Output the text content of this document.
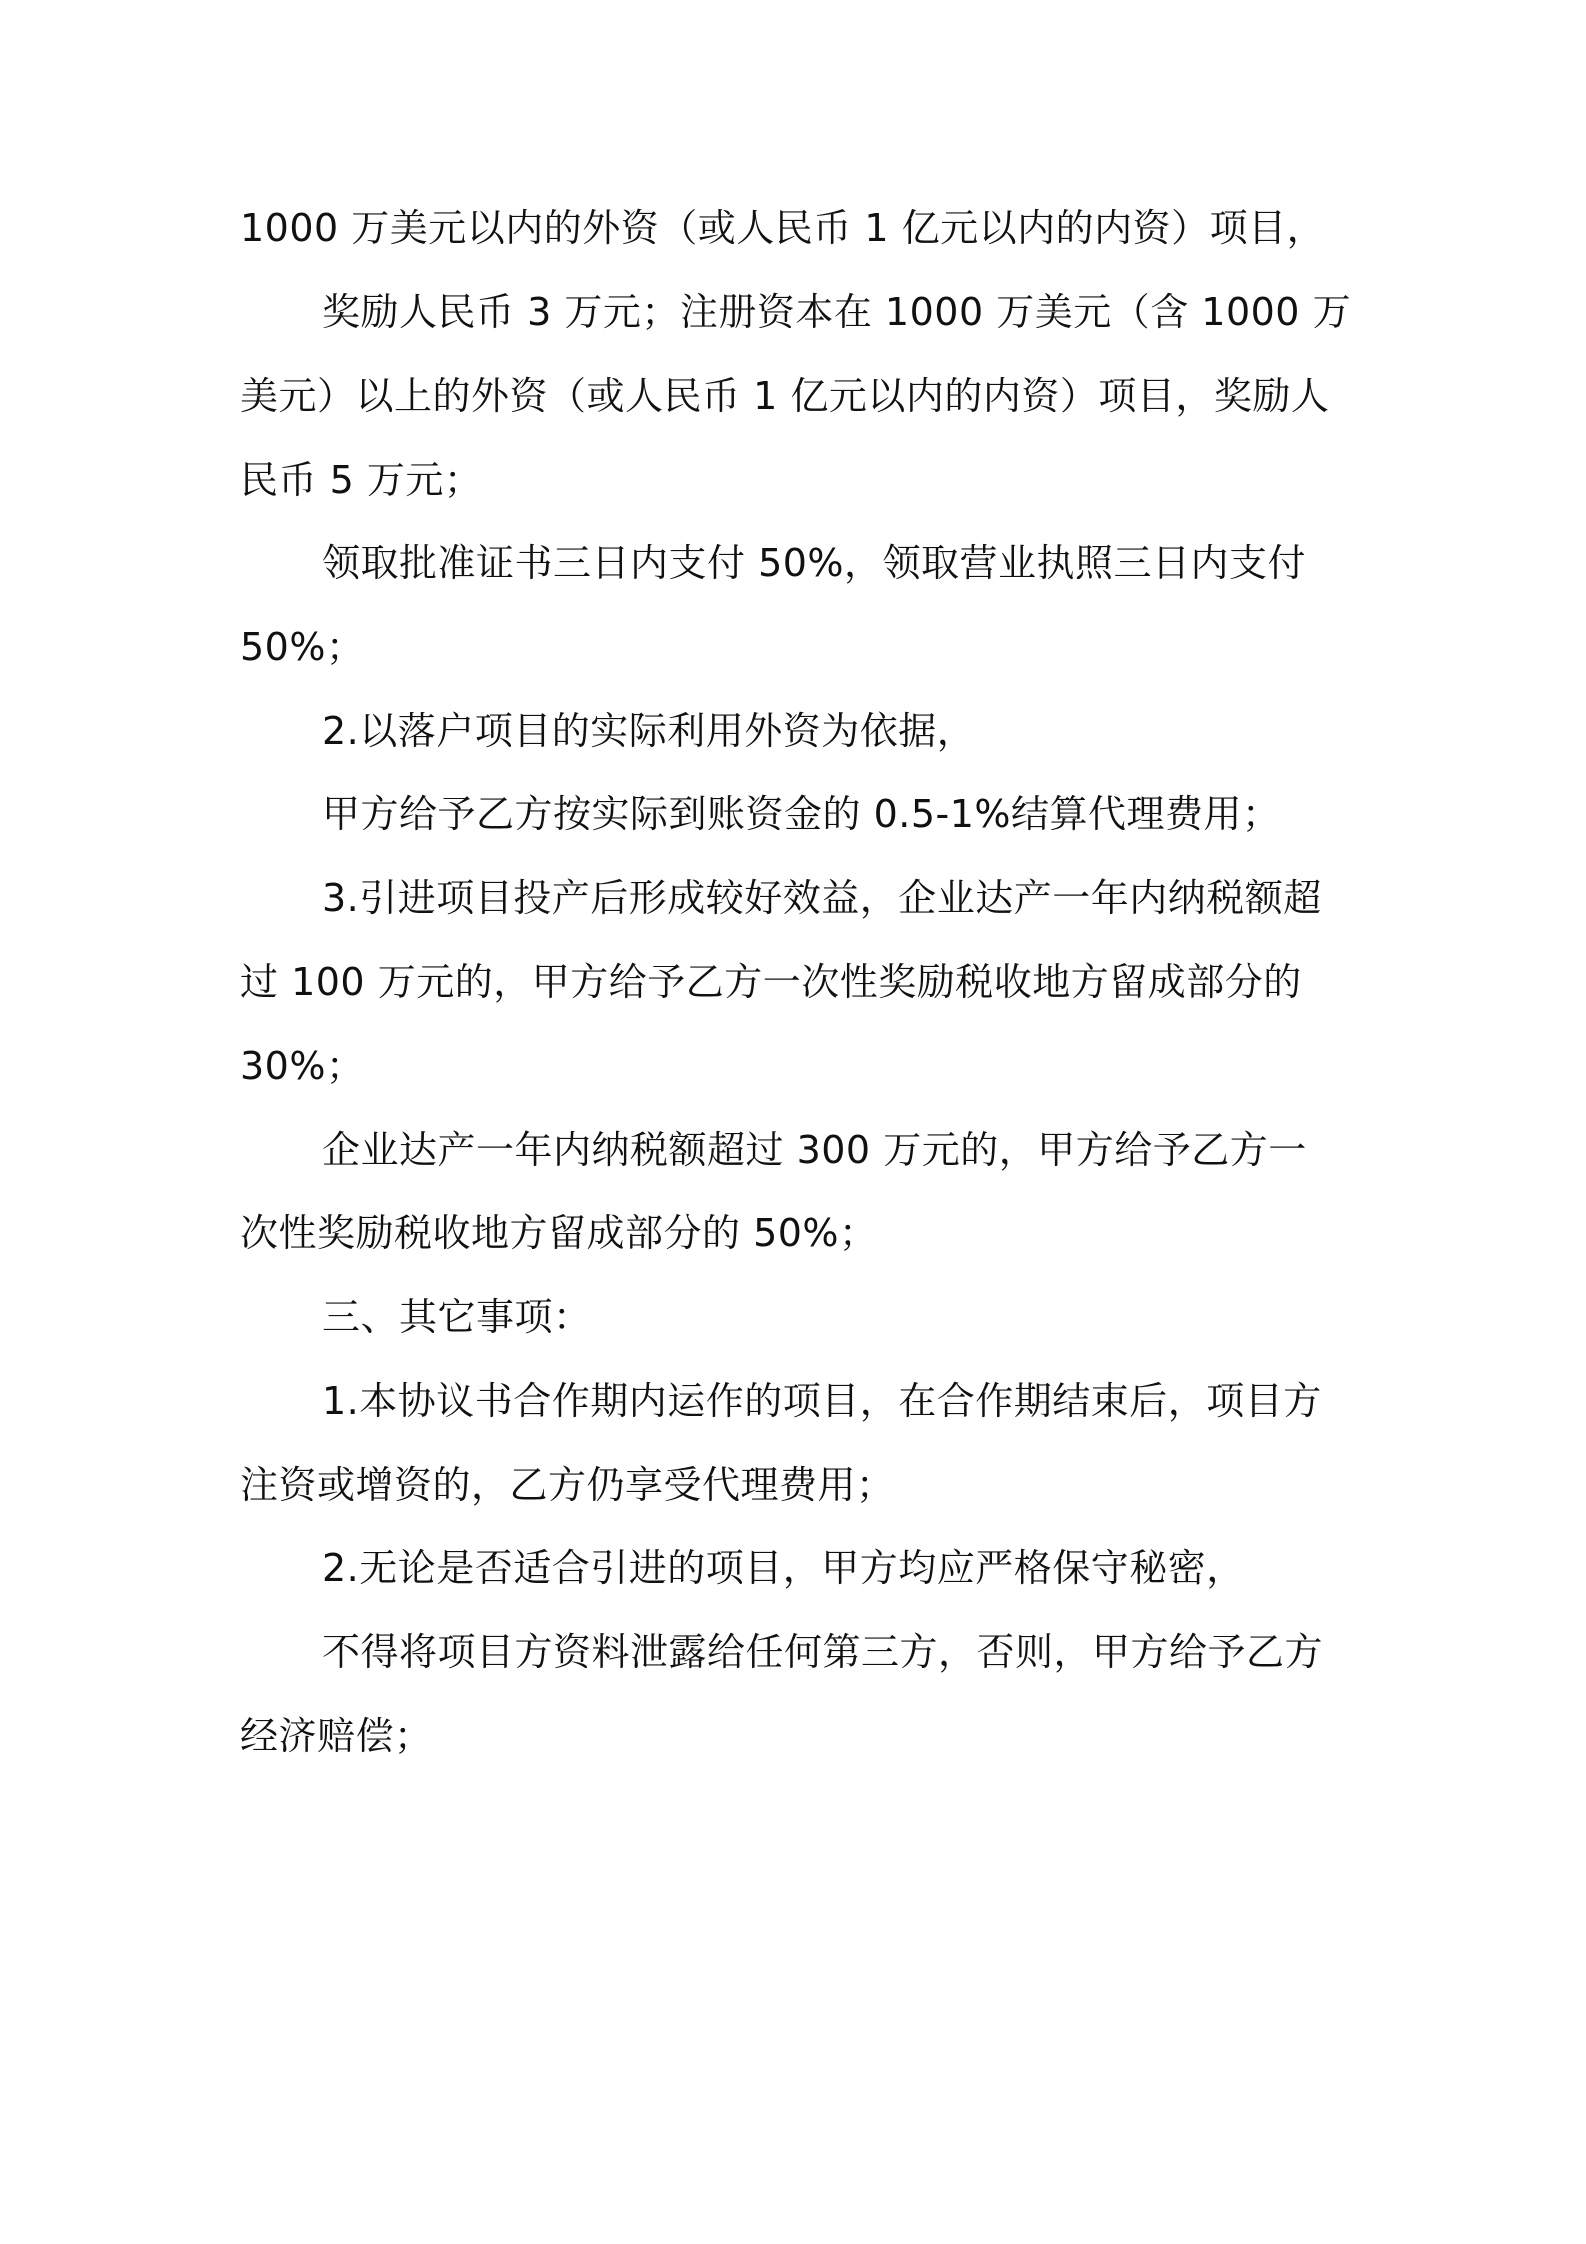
1000 万美元以内的外资（或人民币 1 亿元以内的内资）项目，
奖励人民币 3 万元；注册资本在 1000 万美元（含 1000 万
美元）以上的外资（或人民币 1 亿元以内的内资）项目，奖励人
民币 5 万元；
领取批准证书三日内支付 50%，领取营业执照三日内支付
50%；
2.以落户项目的实际利用外资为依据，
甲方给予乙方按实际到账资金的 0.5-1%结算代理费用；
3.引进项目投产后形成较好效益，企业达产一年内纳税额超
过 100 万元的，甲方给予乙方一次性奖励税收地方留成部分的
30%；
企业达产一年内纳税额超过 300 万元的，甲方给予乙方一
次性奖励税收地方留成部分的 50%；
三、其它事项：
1.本协议书合作期内运作的项目，在合作期结束后，项目方
注资或增资的，乙方仍享受代理费用；
2.无论是否适合引进的项目，甲方均应严格保守秘密，
不得将项目方资料泄露给任何第三方，否则，甲方给予乙方
经济赔偿；
